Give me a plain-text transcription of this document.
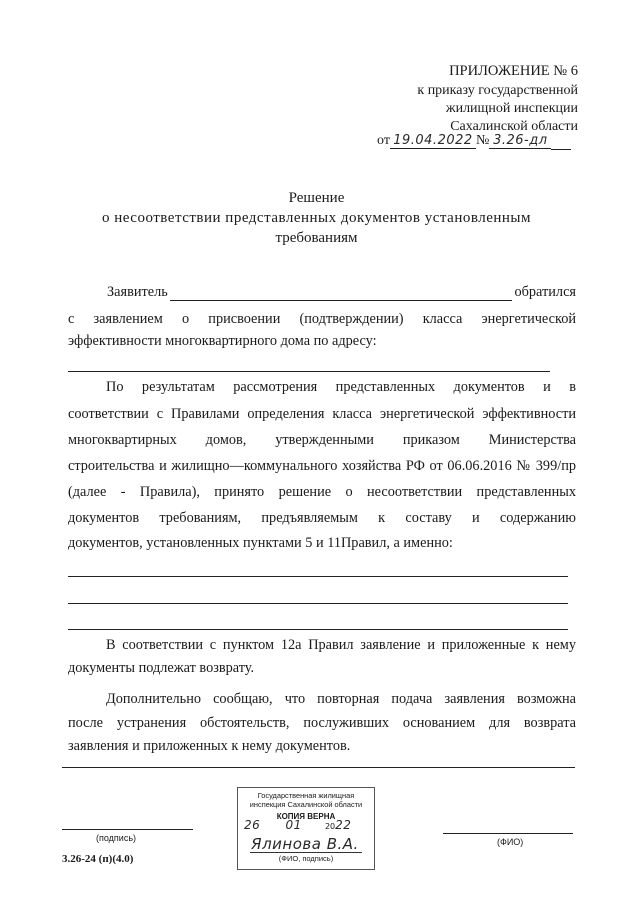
ПРИЛОЖЕНИЕ № 6
к приказу государственной
жилищной инспекции
Сахалинской области
от 19.04.2022 № 3.26-дл
Решение
о несоответствии представленных документов установленным
требованиям
Заявитель	обратился
с заявлением о присвоении (подтверждении) класса энергетической
эффективности многоквартирного дома по адресу:
По результатам рассмотрения представленных документов и в
соответствии с Правилами определения класса энергетической эффективности
многоквартирных домов, утвержденными приказом Министерства
строительства и жилищно—коммунального хозяйства РФ от 06.06.2016 № 399/пр
(далее - Правила), принято решение о несоответствии представленных
документов требованиям, предъявляемым к составу и содержанию
документов, установленных пунктами 5 и 11Правил, а именно:
В соответствии с пунктом 12а Правил заявление и приложенные к нему
документы подлежат возврату.
Дополнительно сообщаю, что повторная подача заявления возможна
после устранения обстоятельств, послуживших основанием для возврата
заявления и приложенных к нему документов.
Государственная жилищная
инспекция Сахалинской области
КОПИЯ ВЕРНА
26 01	2022
Ялинова В.А.
(ФИО, подпись)
(подпись)	(ФИО)
3.26-24 (п)(4.0)
